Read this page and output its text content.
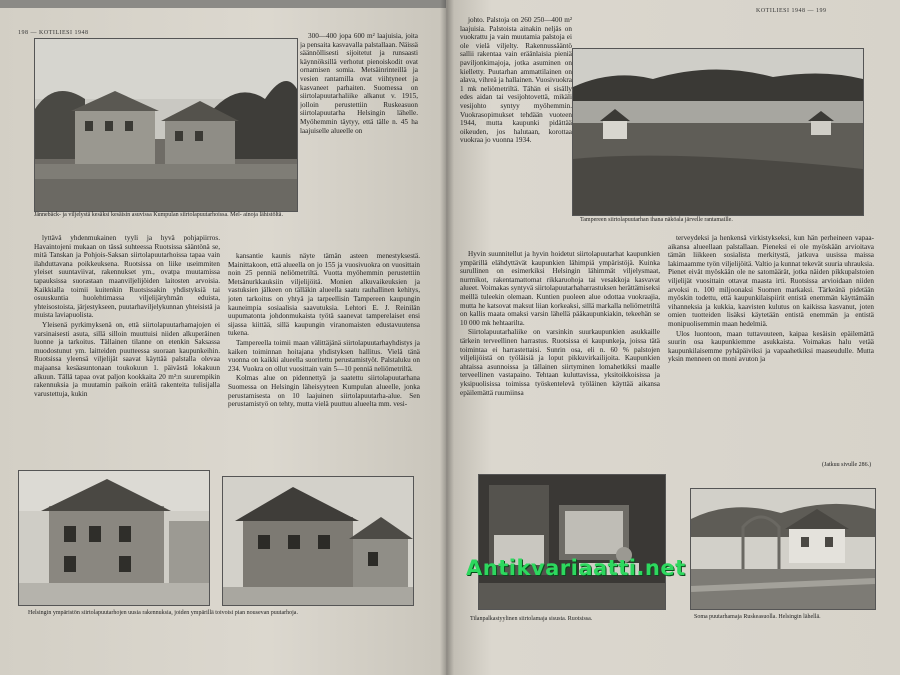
198 — KOTILIESI 1948
Jännebäck- ja viljelystä kesäksi kesäisin asuvissa Kumpulan siirtolapuutarhoissa. Mel- ainoja lähistöltä.

300—400 jopa 600 m² laajuisia, joita ja pensaita kasvavalla palstallaan. Näissä säännöllisesti sijoitetut ja runsaasti käynnöksillä verhotut pienoiskodit ovat ornamisen somia. Metsäinrinteillä ja vesien rantamilla ovat viihtyneet ja kasvaneet parhaiten. Suomessa on siirtolapuutarhaliike alkanut v. 1915, jolloin perustettiin Ruskeasuon siirtolapuutarha Helsingin lähelle. Myöhemmin täytyy, että tälle n. 45 ha laajuiselle alueelle on

lyttävä yhdenmukainen tyyli ja hyvä pohjapiirros. Havaintojeni mukaan on tässä suhteessa Ruotsissa sääntönä se, mitä Tanskan ja Pohjois-Saksan siirtolapuutarhoissa tapaa vain ilahduttavana poikkeuksena. Ruotsissa on liike useimmiten yleiset suuntaviivat, rakennukset ym., ovatpa muutamissa tapauksissa suorastaan maanviljelijöiden laitosten arvoisia. Kaikkialla toimii kuitenkin Ruotsissakin yhdistyksiä tai osuuskuntia huolehtimassa viljelijäryhmän eduista, yhteisostoista, järjestykseen, puutarhaviljelykunnan yhteisistä ja muista laviapuolista.

Yleisenä pyrkimyksenä on, että siirtolapuutarhamajojen ei varsinaisesti asuta, sillä silloin muuttuisi niiden alkuperäinen luonne ja tarkoitus. Tällainen tilanne on etenkin Saksassa muodostunut ym. laitteiden puutteessa suoraan kaupunkeihin. Ruotsissa yleensä viljelijät saavat käyttää palstalla olevaa majaansa kesäasuntonaan toukokuun 1. päivästä lokakuun alkuun. Tällä tapaa ovat paljon kookkaita 20 m²:n suurempikin rakennuksia ja muutamin paikoin eräitä rakenteita tulisijalla varustettuja, kukin

kansantie kaunis näyte tämän asteen menestyksestä. Mainittakoon, että alueella on jo 155 ja vuosivuokra on vuosittain noin 25 penniä neliömetriltä. Vuotta myöhemmin perustettiin Metsänurkkauksiin viljelijöitä. Monien alkuvaikeuksien ja vastuksien jälkeen on tälläkin alueella saatu rauhallinen kehitys, joten tarkoitus on yhtyä ja tarpeellisin Tampereen kaupungin kauneimpia sosiaalisia saavutuksia. Lehtori E. J. Reinilän uupumatonta johdonmukaista työtä saanevat tamperelaiset ensi sijassa kiittää, sillä kaupungin viranomaisten edustavuutensa tukena.

Tampereella toimii maan välittäjänä siirtolapuutarhayhdistys ja kaiken toiminnan hoitajana yhdistyksen hallitus. Vielä tänä vuonna on kaikki alueella suoritettu perustamistyöt. Palstaluku on 234. Vuokra on ollut vuosittain vain 5—10 penniä neliömetriltä.

Kolmas alue on pidennettyä ja saatettu siirtolapuutarhana Suomessa on Helsingin läheisyyteen Kumpulan alueelle, jonka perustamisesta on 10 laajuinen siirtolapuutarha-alue. Sen perustamistyö on tehty, mutta vielä puuttuu alueelta mm. vesi-

Helsingin ympäristön siirtolapuutarhojen uusia rakennuksia, joiden ympärillä toivoisi pian nousevan puutarhoja.
KOTILIESI 1948 — 199

johto. Palstoja on 260 250—400 m² laajuisia. Palstoista ainakin neljäs on vuokrattu ja vain muutamia palstoja ei ole vielä viljelty. Rakennussääntö sallii rakentaa vain eräänlaisia pieniä paviljonkimajoja, jotka asuminen on kielletty. Puutarhan ammattilainen on alava, vihreä ja hallainen. Vuosivuokra 1 mk neliömetriltä. Tähän ei sisälly edes aidan tai vesijohtovettä, mikäli vesijohto syntyy myöhemmin. Vuokrasopimukset tehdään vuoteen 1944, mutta kaupunki pidättää oikeuden, jos halutaan, korottaa vuokraa jo vuonna 1934.

Tampereen siirtolapuutarhan ihana näköala järvelle rantamaille.

Hyvin suunnitellut ja hyvin hoidetut siirtolapuutarhat kaupunkien ympärillä elähdyttävät kaupunkien lähimpiä ympäristöjä. Kuinka surullinen on esimerkiksi Helsingin lähimmät viljelysmaat, nurmikot, rakentamattomat rikkaruohoja tai vesakkoja kasvavat alueet. Voimakas syntyvä siirtolapuutarhaharrastuksen herättämiseksi meillä tuleekin olemaan. Kuntien puoleen alue odottaa vuokraajia, mutta he katsovat maksut liian korkeaksi, sillä markalla neliömetriltä on kallis maata omaksi varsin lähellä pääkaupunkiakin, tekeehän se 10 000 mk hehtaarilta.

Siirtolapuutarhaliike on varsinkin suurkaupunkien asukkaille tärkein terveellinen harrastus. Ruotsissa ei kaupunkeja, joissa tätä toimintaa ei harrastettaisi. Sunrin osa, eli n. 60 % palstojen viljelijöistä on työläisiä ja loput pikkuvirkailijoita. Kaupunkien ahtaissa asunnoissa ja tällainen siirtyminen lomahetkiksi maalle terveellinen vastapaino. Tehtaan kuluttavissa, yksitoikkoisissa ja yksipuolisissa toimissa työskentelevä työläinen käyttää aikansa epäilemättä ruumiinsa

terveydeksi ja henkensä virkistykseksi, kun hän perheineen vapaa-aikansa alueellaan palstallaan. Pieneksi ei ole myöskään arvioitava tämän liikkeen sosialista merkitystä, jatkuva uusissa maissa lakimaamme työn viljelijöitä. Valtio ja kunnat tekevät suuria uhrauksia. Pienet eivät myöskään ole ne satomäärät, jotka näiden pikkupalstoien viljelijät vuosittain ottavat maasta irti. Ruotsissa arvioidaan niiden arvoksi n. 100 miljoonaksi Suomen markaksi. Tärkeänä pidetään myöskin todettu, että kaupunkilaispiirit entistä enemmän käyttämään vihanneksia ja kukkia, kaavisten kulutus on kaikissa kasvanut, joten omien tuotteiden lisäksi käytetään entistä enemmän ja entistä monipuolisemmin maan hedelmiä.

Ulos luontoon, maan tuttavuuteen, kaipaa kesäisin epäilemättä suurin osa kaupunkiemme asukkaista. Voimakas halu vetää kaupunkilaisemme pyhäpäiviksi ja vapaahetkiksi maaseudulle. Mutta yksin menneen on moni avuton ja

(Jatkuu sivulle 286.)
Tilanpalkastyylinen siirtolamaja sisusta. Ruotsissa.	Soma puutarhamaja Ruskeasuolla. Helsingin lähellä.
Antikvariaatti.net
